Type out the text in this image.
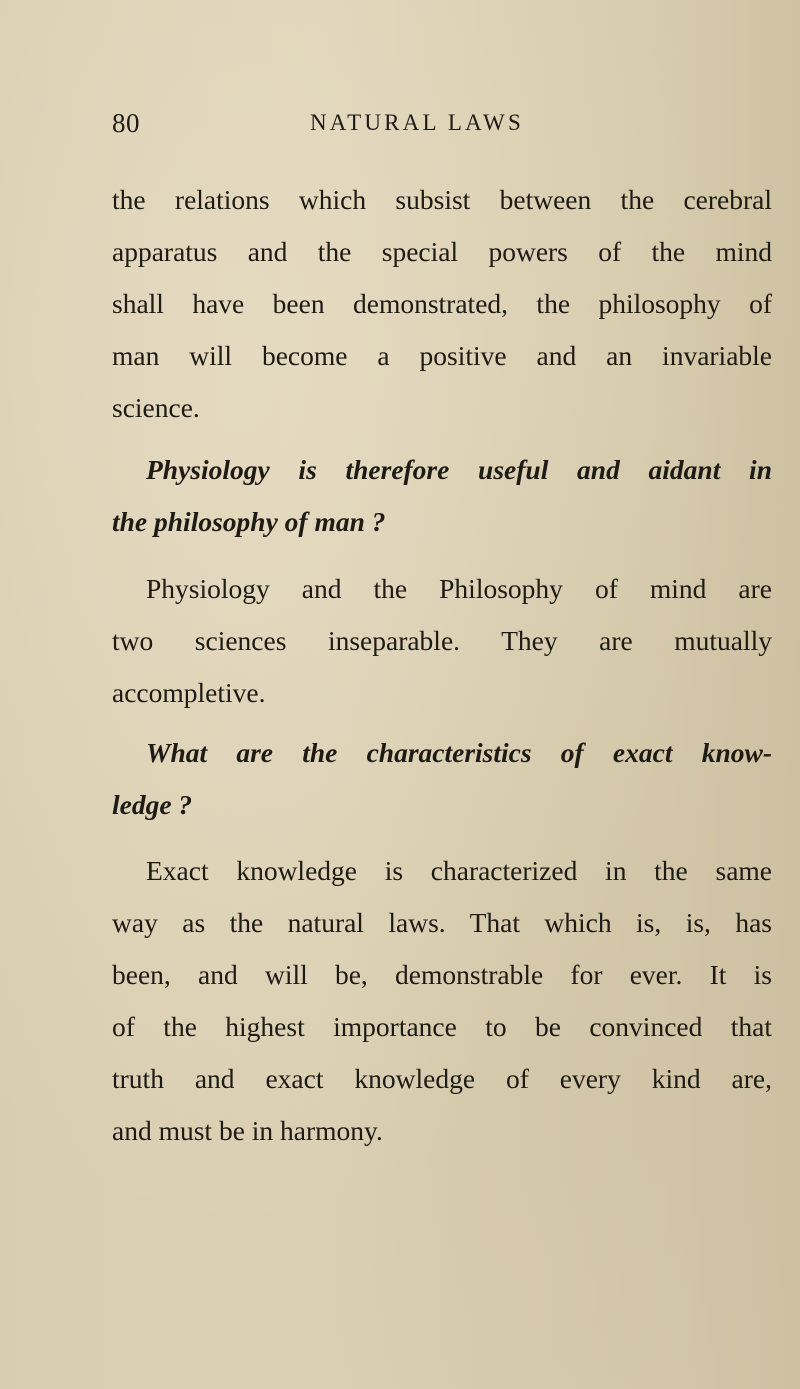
80	NATURAL LAWS
the relations which subsist between the cerebral
apparatus and the special powers of the mind
shall have been demonstrated, the philosophy of
man will become a positive and an invariable
science.
Physiology is therefore useful and aidant in
the philosophy of man ?
Physiology and the Philosophy of mind are
two sciences inseparable. They are mutually
accompletive.
What are the characteristics of exact know-
ledge ?
Exact knowledge is characterized in the same
way as the natural laws. That which is, is, has
been, and will be, demonstrable for ever. It is
of the highest importance to be convinced that
truth and exact knowledge of every kind are,
and must be in harmony.
